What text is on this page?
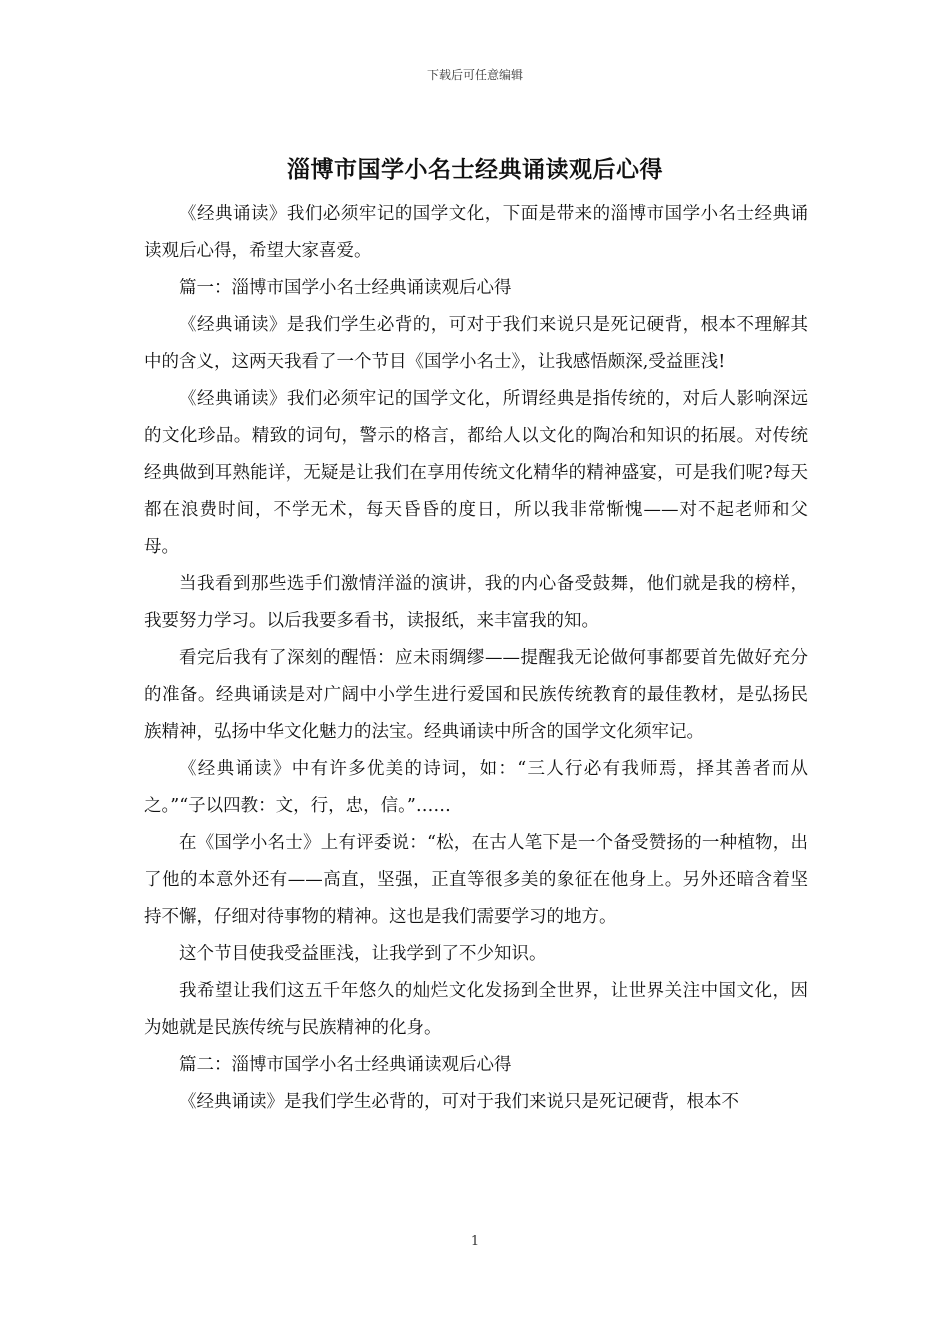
下载后可任意编辑
淄博市国学小名士经典诵读观后心得

《经典诵读》我们必须牢记的国学文化，下面是带来的淄博市国学小名士经典诵读观后心得，希望大家喜爱。

篇一：淄博市国学小名士经典诵读观后心得

《经典诵读》是我们学生必背的，可对于我们来说只是死记硬背，根本不理解其中的含义，这两天我看了一个节目《国学小名士》，让我感悟颇深,受益匪浅!

《经典诵读》我们必须牢记的国学文化，所谓经典是指传统的，对后人影响深远的文化珍品。精致的词句，警示的格言，都给人以文化的陶冶和知识的拓展。对传统经典做到耳熟能详，无疑是让我们在享用传统文化精华的精神盛宴，可是我们呢?每天都在浪费时间，不学无术，每天昏昏的度日，所以我非常惭愧——对不起老师和父母。

当我看到那些选手们激情洋溢的演讲，我的内心备受鼓舞，他们就是我的榜样，我要努力学习。以后我要多看书，读报纸，来丰富我的知。

看完后我有了深刻的醒悟：应未雨绸缪——提醒我无论做何事都要首先做好充分的准备。经典诵读是对广阔中小学生进行爱国和民族传统教育的最佳教材，是弘扬民族精神，弘扬中华文化魅力的法宝。经典诵读中所含的国学文化须牢记。

《经典诵读》中有许多优美的诗词，如：“三人行必有我师焉，择其善者而从之。”“子以四教：文，行，忠，信。”……

在《国学小名士》上有评委说：“松，在古人笔下是一个备受赞扬的一种植物，出了他的本意外还有——高直，坚强，正直等很多美的象征在他身上。另外还暗含着坚持不懈，仔细对待事物的精神。这也是我们需要学习的地方。

这个节目使我受益匪浅，让我学到了不少知识。

我希望让我们这五千年悠久的灿烂文化发扬到全世界，让世界关注中国文化，因为她就是民族传统与民族精神的化身。

篇二：淄博市国学小名士经典诵读观后心得

《经典诵读》是我们学生必背的，可对于我们来说只是死记硬背，根本不

1
